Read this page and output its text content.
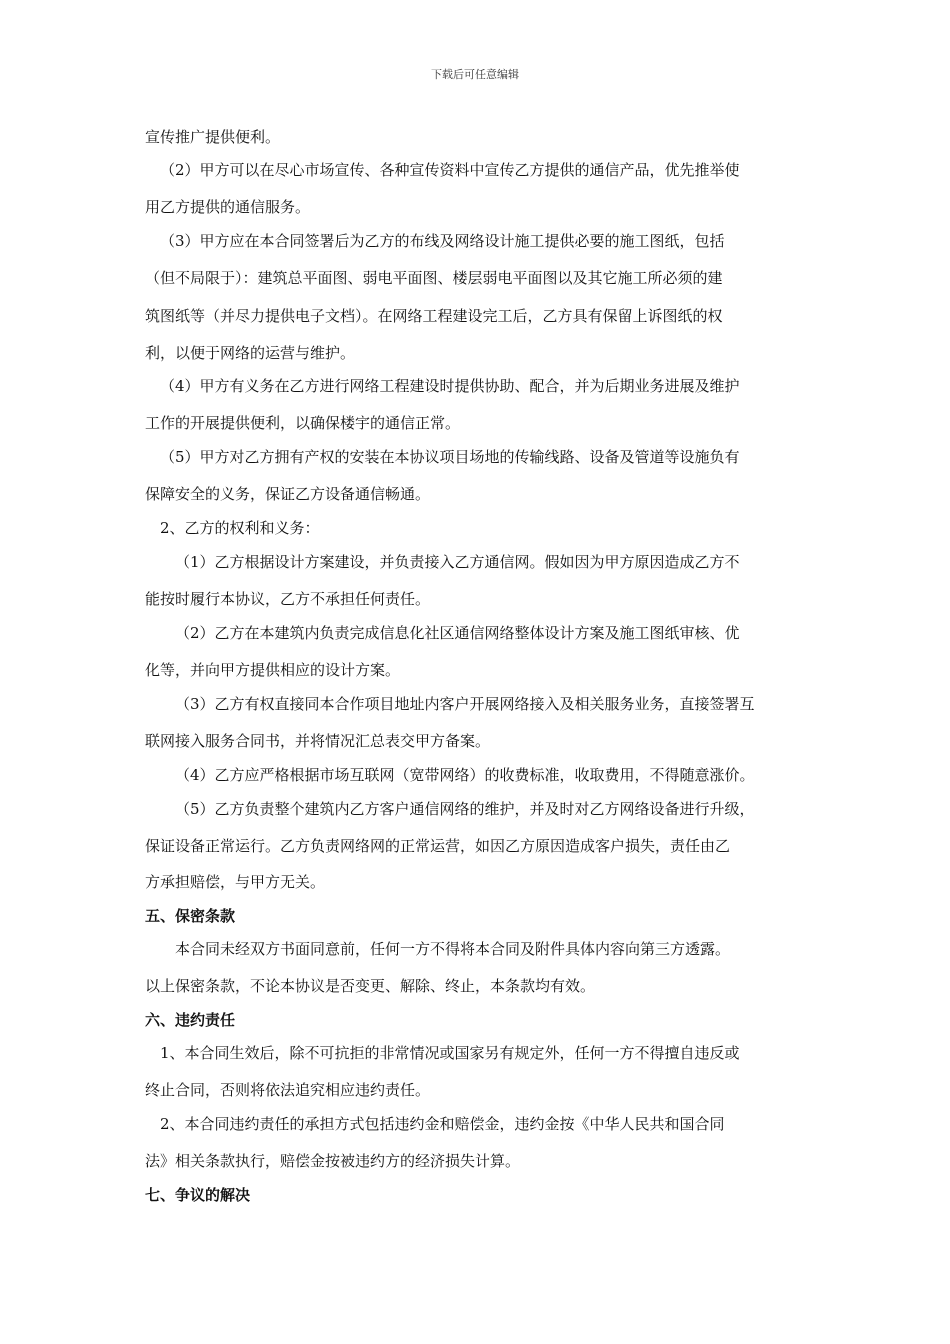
下载后可任意编辑
宣传推广提供便利。
（2）甲方可以在尽心市场宣传、各种宣传资料中宣传乙方提供的通信产品，优先推举使
用乙方提供的通信服务。
（3）甲方应在本合同签署后为乙方的布线及网络设计施工提供必要的施工图纸，包括
（但不局限于）：建筑总平面图、弱电平面图、楼层弱电平面图以及其它施工所必须的建
筑图纸等（并尽力提供电子文档）。在网络工程建设完工后，乙方具有保留上诉图纸的权
利，以便于网络的运营与维护。
（4）甲方有义务在乙方进行网络工程建设时提供协助、配合，并为后期业务进展及维护
工作的开展提供便利，以确保楼宇的通信正常。
（5）甲方对乙方拥有产权的安装在本协议项目场地的传输线路、设备及管道等设施负有
保障安全的义务，保证乙方设备通信畅通。
2、乙方的权利和义务：
（1）乙方根据设计方案建设，并负责接入乙方通信网。假如因为甲方原因造成乙方不
能按时履行本协议，乙方不承担任何责任。
（2）乙方在本建筑内负责完成信息化社区通信网络整体设计方案及施工图纸审核、优
化等，并向甲方提供相应的设计方案。
（3）乙方有权直接同本合作项目地址内客户开展网络接入及相关服务业务，直接签署互
联网接入服务合同书，并将情况汇总表交甲方备案。
（4）乙方应严格根据市场互联网（宽带网络）的收费标准，收取费用，不得随意涨价。
（5）乙方负责整个建筑内乙方客户通信网络的维护，并及时对乙方网络设备进行升级，
保证设备正常运行。乙方负责网络网的正常运营，如因乙方原因造成客户损失，责任由乙
方承担赔偿，与甲方无关。
五、保密条款
本合同未经双方书面同意前，任何一方不得将本合同及附件具体内容向第三方透露。
以上保密条款，不论本协议是否变更、解除、终止，本条款均有效。
六、违约责任
1、本合同生效后，除不可抗拒的非常情况或国家另有规定外，任何一方不得擅自违反或
终止合同，否则将依法追究相应违约责任。
2、本合同违约责任的承担方式包括违约金和赔偿金，违约金按《中华人民共和国合同
法》相关条款执行，赔偿金按被违约方的经济损失计算。
七、争议的解决
